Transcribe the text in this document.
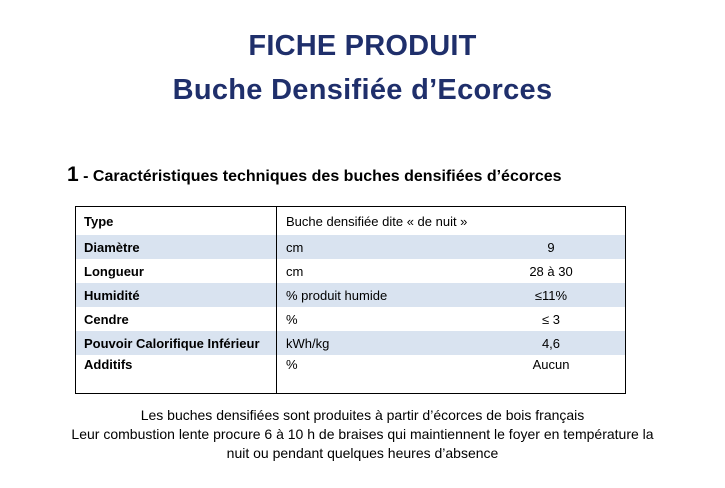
FICHE PRODUIT
Buche Densifiée d’Ecorces
1 - Caractéristiques techniques des buches densifiées d’écorces
Type	Buche densifiée dite « de nuit »
Diamètre	cm	9
Longueur	cm	28 à 30
Humidité	% produit humide	≤11%
Cendre	%	≤ 3
Pouvoir Calorifique Inférieur	kWh/kg	4,6
Additifs	%	Aucun
Les buches densifiées sont produites à partir d’écorces de bois français
Leur combustion lente procure 6 à 10 h de braises qui maintiennent le foyer en température la
nuit ou pendant quelques heures d’absence
